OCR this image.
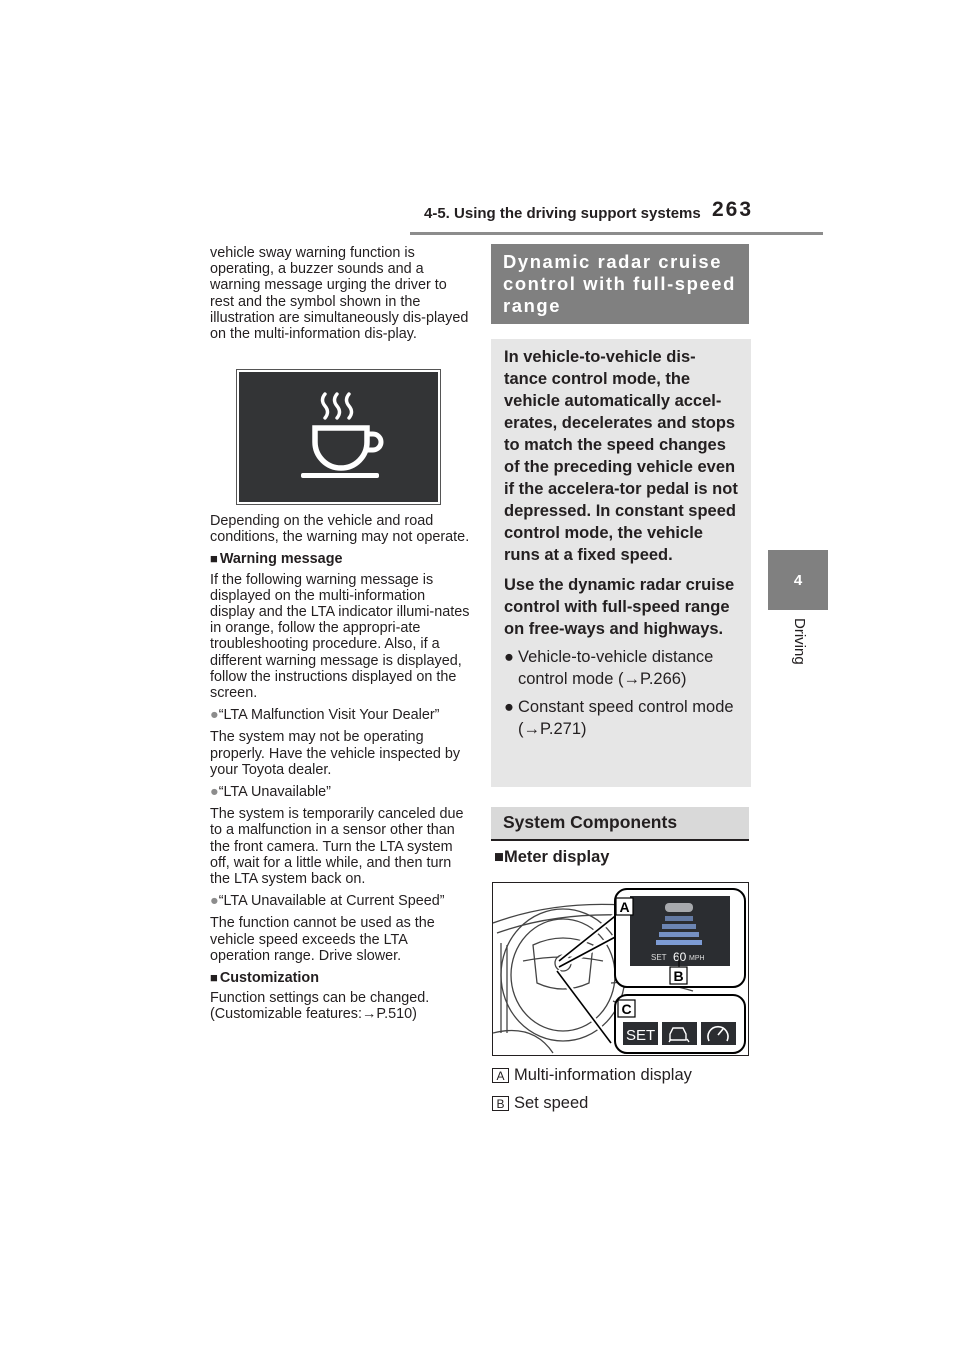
4-5. Using the driving support systems 263
4
Driving

vehicle sway warning function is operating, a buzzer sounds and a warning message urging the driver to rest and the symbol shown in the illustration are simultaneously dis-played on the multi-information dis-play.

Depending on the vehicle and road conditions, the warning may not operate.

■ Warning message

If the following warning message is displayed on the multi-information display and the LTA indicator illumi-nates in orange, follow the appropri-ate troubleshooting procedure. Also, if a different warning message is displayed, follow the instructions displayed on the screen.

●“LTA Malfunction Visit Your Dealer”

The system may not be operating properly. Have the vehicle inspected by your Toyota dealer.

●“LTA Unavailable”

The system is temporarily canceled due to a malfunction in a sensor other than the front camera. Turn the LTA system off, wait for a little while, and then turn the LTA system back on.

●“LTA Unavailable at Current Speed”

The function cannot be used as the vehicle speed exceeds the LTA operation range. Drive slower.

■ Customization

Function settings can be changed. (Customizable features:→P.510)

Dynamic radar cruise control with full-speed range

In vehicle-to-vehicle dis-tance control mode, the vehicle automatically accel-erates, decelerates and stops to match the speed changes of the preceding vehicle even if the accelera-tor pedal is not depressed. In constant speed control mode, the vehicle runs at a fixed speed.

Use the dynamic radar cruise control with full-speed range on free-ways and highways.

● Vehicle-to-vehicle distance control mode (→P.266)

● Constant speed control mode (→P.271)

System Components
■Meter display
SET 60 MPH
A
B
C
SET
A Multi-information display
B Set speed
